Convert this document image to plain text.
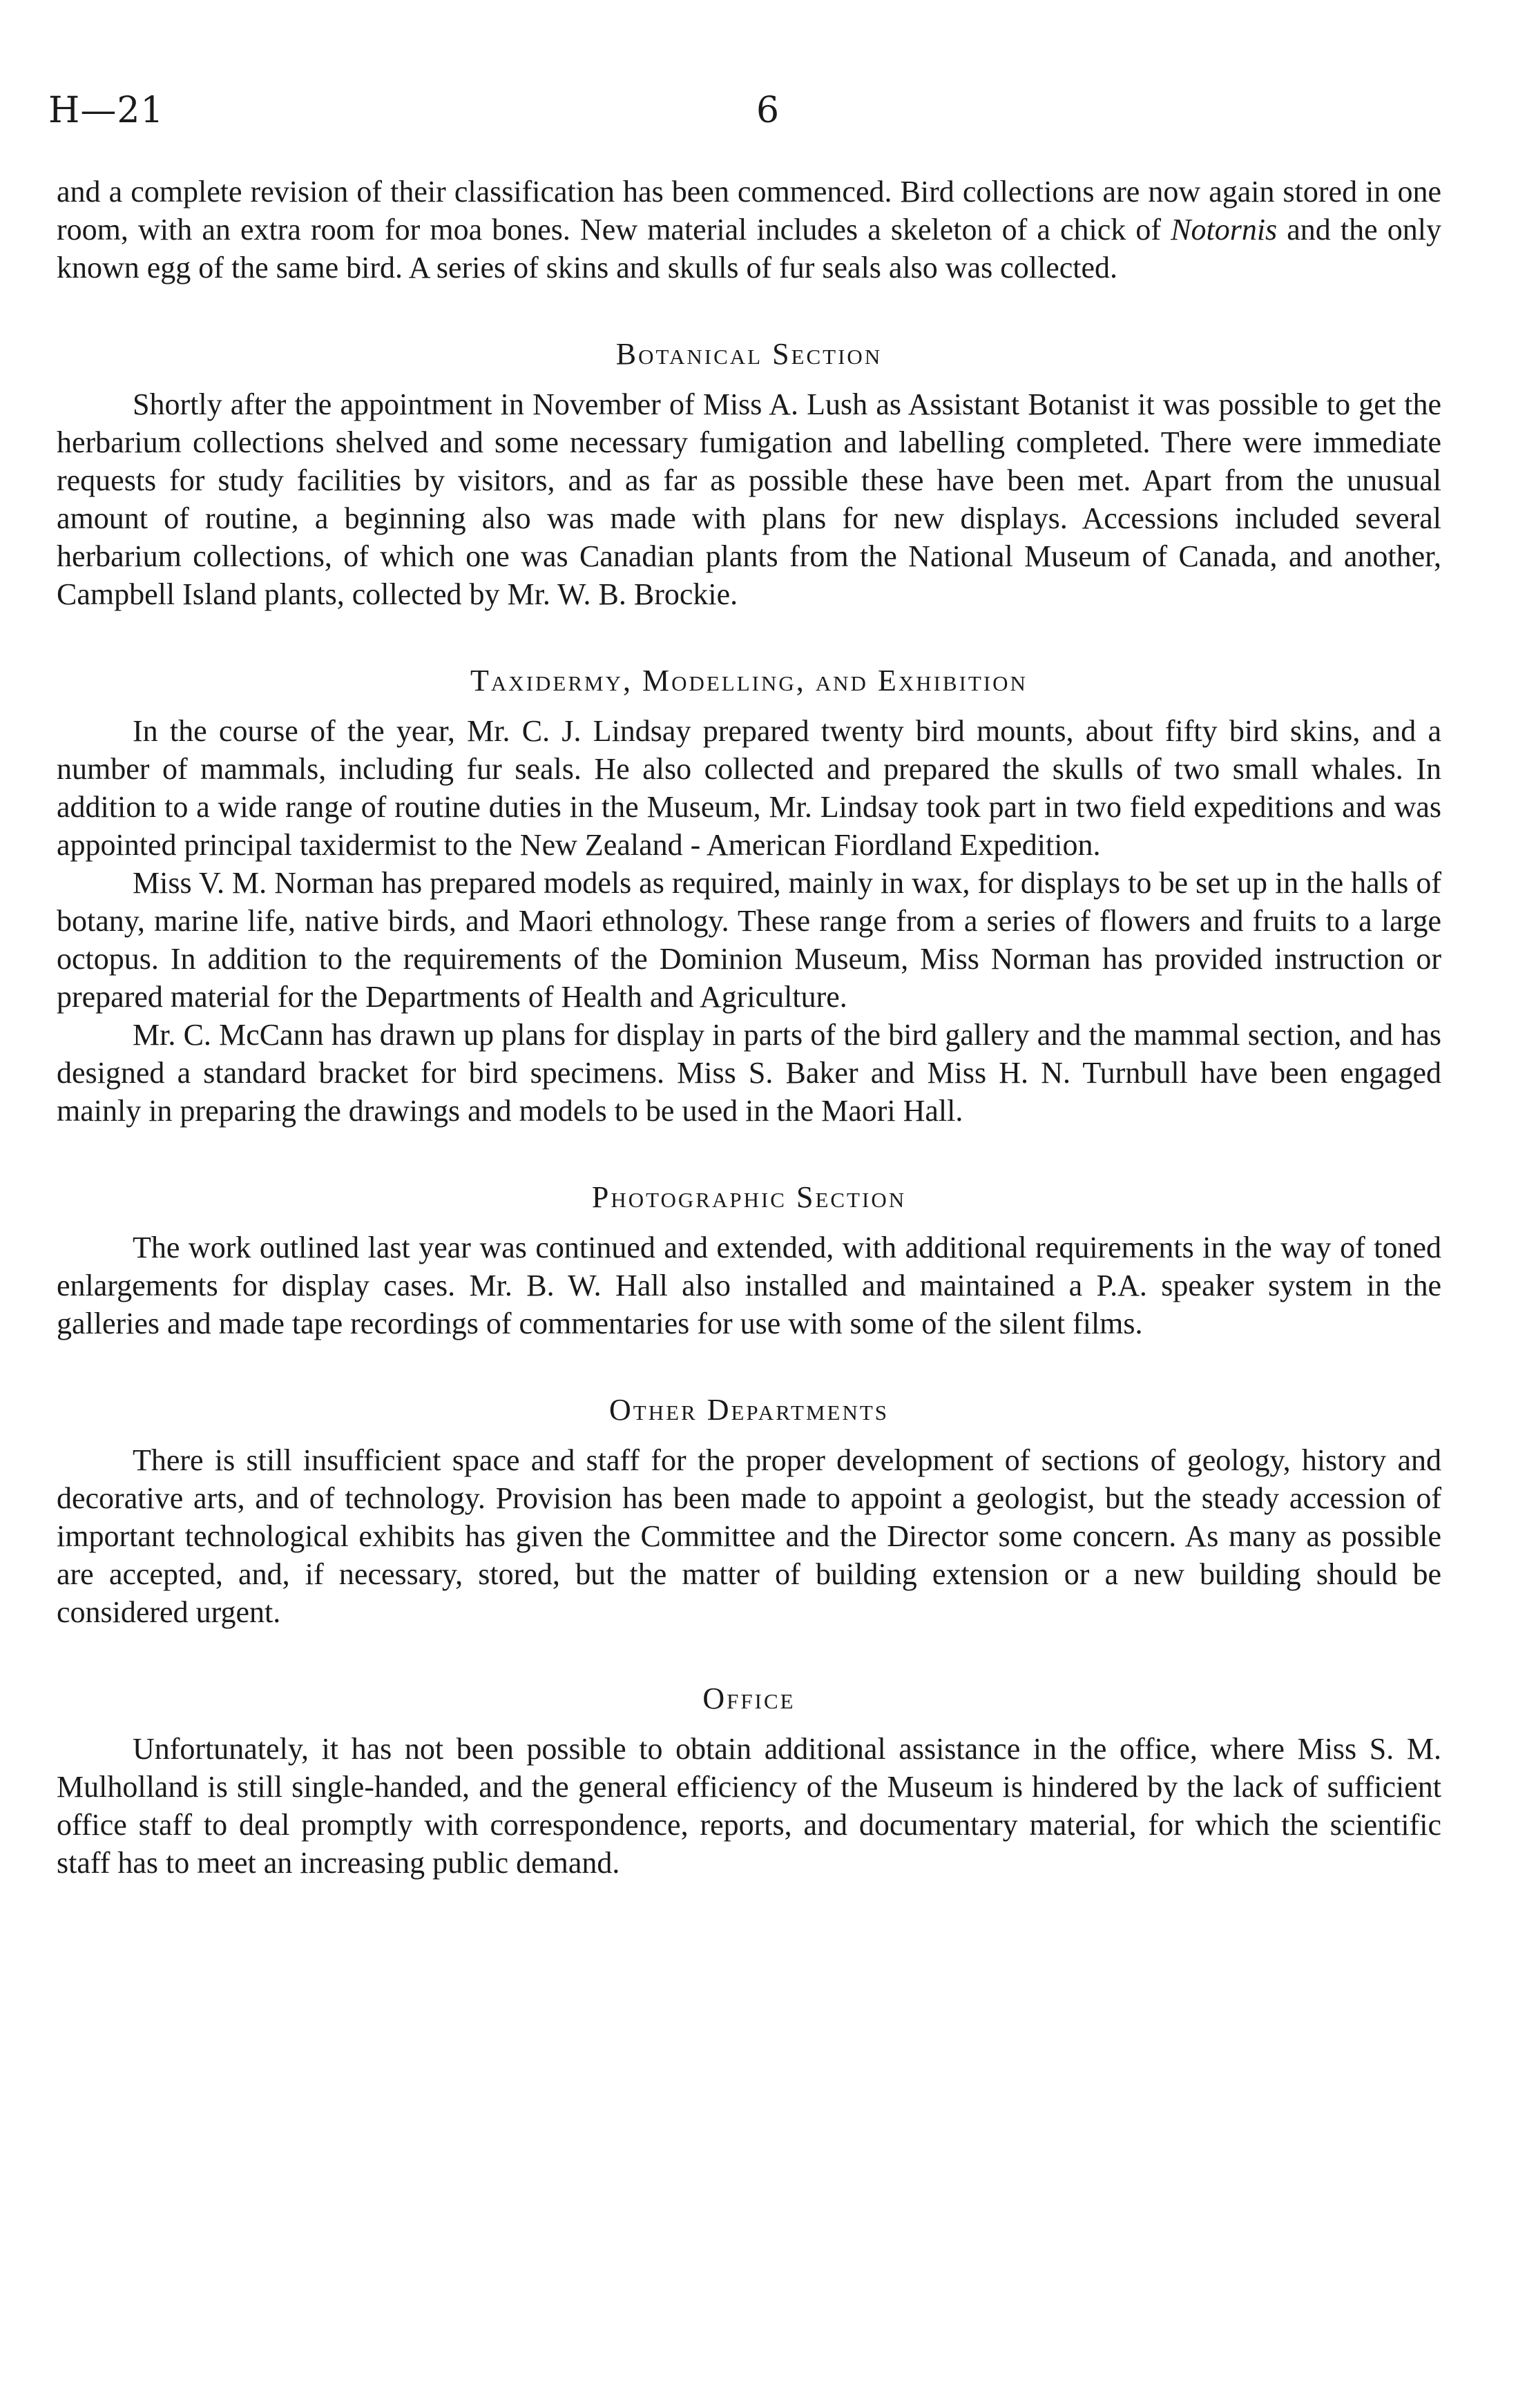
H—21	6

and a complete revision of their classification has been commenced. Bird collections are now again stored in one room, with an extra room for moa bones. New material includes a skeleton of a chick of Notornis and the only known egg of the same bird. A series of skins and skulls of fur seals also was collected.

Botanical Section

Shortly after the appointment in November of Miss A. Lush as Assistant Botanist it was possible to get the herbarium collections shelved and some necessary fumigation and labelling completed. There were immediate requests for study facilities by visitors, and as far as possible these have been met. Apart from the unusual amount of routine, a beginning also was made with plans for new displays. Accessions included several herbarium collections, of which one was Canadian plants from the National Museum of Canada, and another, Campbell Island plants, collected by Mr. W. B. Brockie.

Taxidermy, Modelling, and Exhibition

In the course of the year, Mr. C. J. Lindsay prepared twenty bird mounts, about fifty bird skins, and a number of mammals, including fur seals. He also collected and prepared the skulls of two small whales. In addition to a wide range of routine duties in the Museum, Mr. Lindsay took part in two field expeditions and was appointed principal taxidermist to the New Zealand - American Fiordland Expedition.

Miss V. M. Norman has prepared models as required, mainly in wax, for displays to be set up in the halls of botany, marine life, native birds, and Maori ethnology. These range from a series of flowers and fruits to a large octopus. In addition to the requirements of the Dominion Museum, Miss Norman has provided instruction or prepared material for the Departments of Health and Agriculture.

Mr. C. McCann has drawn up plans for display in parts of the bird gallery and the mammal section, and has designed a standard bracket for bird specimens. Miss S. Baker and Miss H. N. Turnbull have been engaged mainly in preparing the drawings and models to be used in the Maori Hall.

Photographic Section

The work outlined last year was continued and extended, with additional requirements in the way of toned enlargements for display cases. Mr. B. W. Hall also installed and maintained a P.A. speaker system in the galleries and made tape recordings of commentaries for use with some of the silent films.

Other Departments

There is still insufficient space and staff for the proper development of sections of geology, history and decorative arts, and of technology. Provision has been made to appoint a geologist, but the steady accession of important technological exhibits has given the Committee and the Director some concern. As many as possible are accepted, and, if necessary, stored, but the matter of building extension or a new building should be considered urgent.

Office

Unfortunately, it has not been possible to obtain additional assistance in the office, where Miss S. M. Mulholland is still single-handed, and the general efficiency of the Museum is hindered by the lack of sufficient office staff to deal promptly with correspondence, reports, and documentary material, for which the scientific staff has to meet an increasing public demand.
